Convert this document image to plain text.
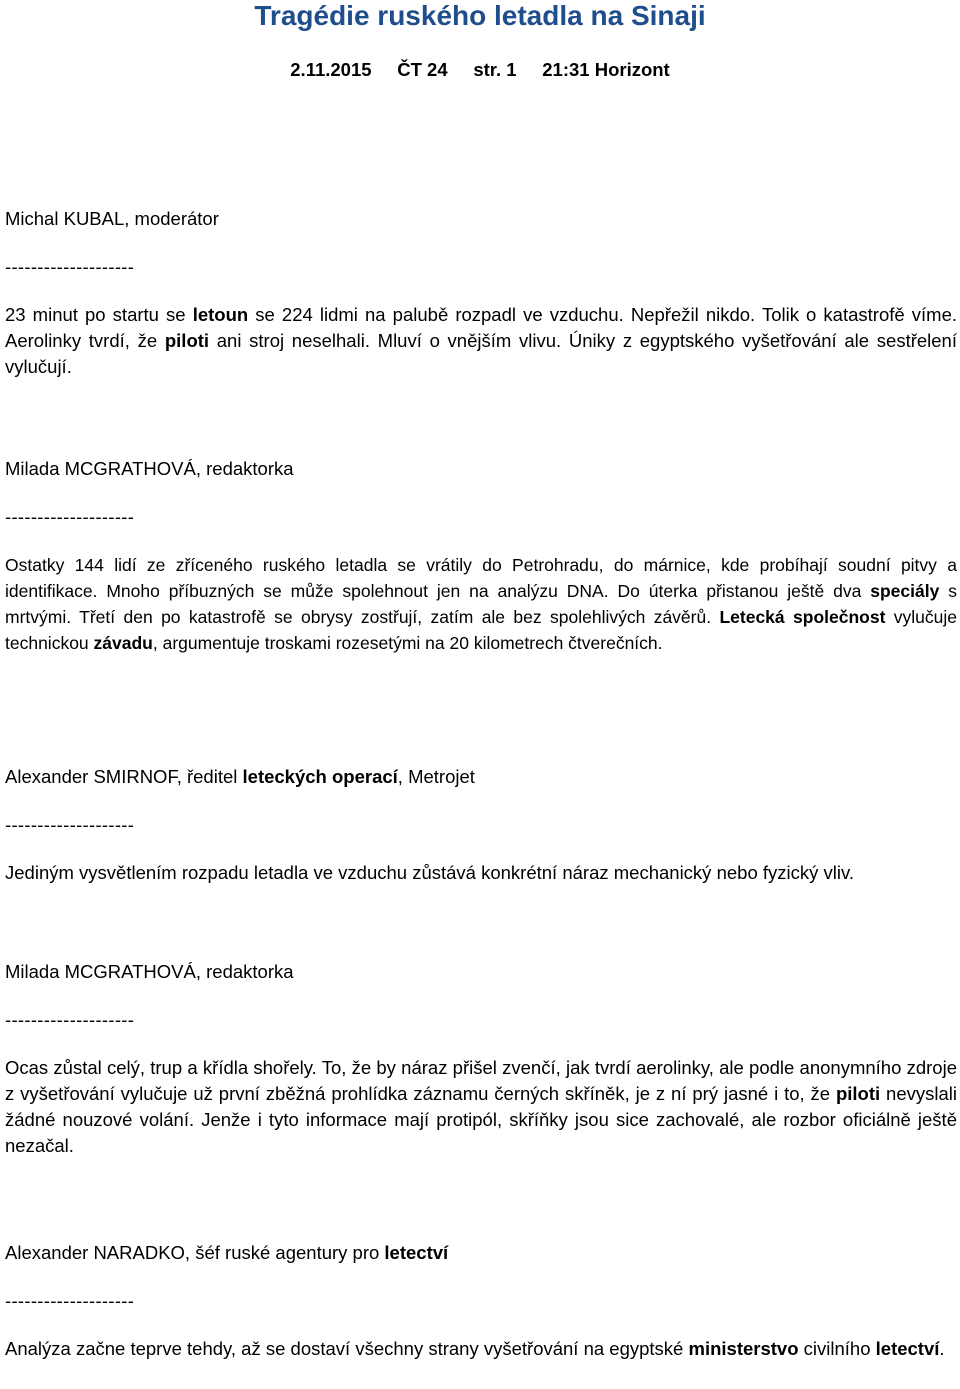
Tragédie ruského letadla na Sinaji
2.11.2015 ČT 24 str. 1 21:31 Horizont
Michal KUBAL, moderátor
--------------------
23 minut po startu se letoun se 224 lidmi na palubě rozpadl ve vzduchu. Nepřežil nikdo. Tolik o katastrofě víme. Aerolinky tvrdí, že piloti ani stroj neselhali. Mluví o vnějším vlivu. Úniky z egyptského vyšetřování ale sestřelení vylučují.
Milada MCGRATHOVÁ, redaktorka
--------------------
Ostatky 144 lidí ze zříceného ruského letadla se vrátily do Petrohradu, do márnice, kde probíhají soudní pitvy a identifikace. Mnoho příbuzných se může spolehnout jen na analýzu DNA. Do úterka přistanou ještě dva speciály s mrtvými. Třetí den po katastrofě se obrysy zostřují, zatím ale bez spolehlivých závěrů. Letecká společnost vylučuje technickou závadu, argumentuje troskami rozesetými na 20 kilometrech čtverečních.
Alexander SMIRNOF, ředitel leteckých operací, Metrojet
--------------------
Jediným vysvětlením rozpadu letadla ve vzduchu zůstává konkrétní náraz mechanický nebo fyzický vliv.
Milada MCGRATHOVÁ, redaktorka
--------------------
Ocas zůstal celý, trup a křídla shořely. To, že by náraz přišel zvenčí, jak tvrdí aerolinky, ale podle anonymního zdroje z vyšetřování vylučuje už první zběžná prohlídka záznamu černých skříněk, je z ní prý jasné i to, že piloti nevyslali žádné nouzové volání. Jenže i tyto informace mají protipól, skříňky jsou sice zachovalé, ale rozbor oficiálně ještě nezačal.
Alexander NARADKO, šéf ruské agentury pro letectví
--------------------
Analýza začne teprve tehdy, až se dostaví všechny strany vyšetřování na egyptské ministerstvo civilního letectví.
